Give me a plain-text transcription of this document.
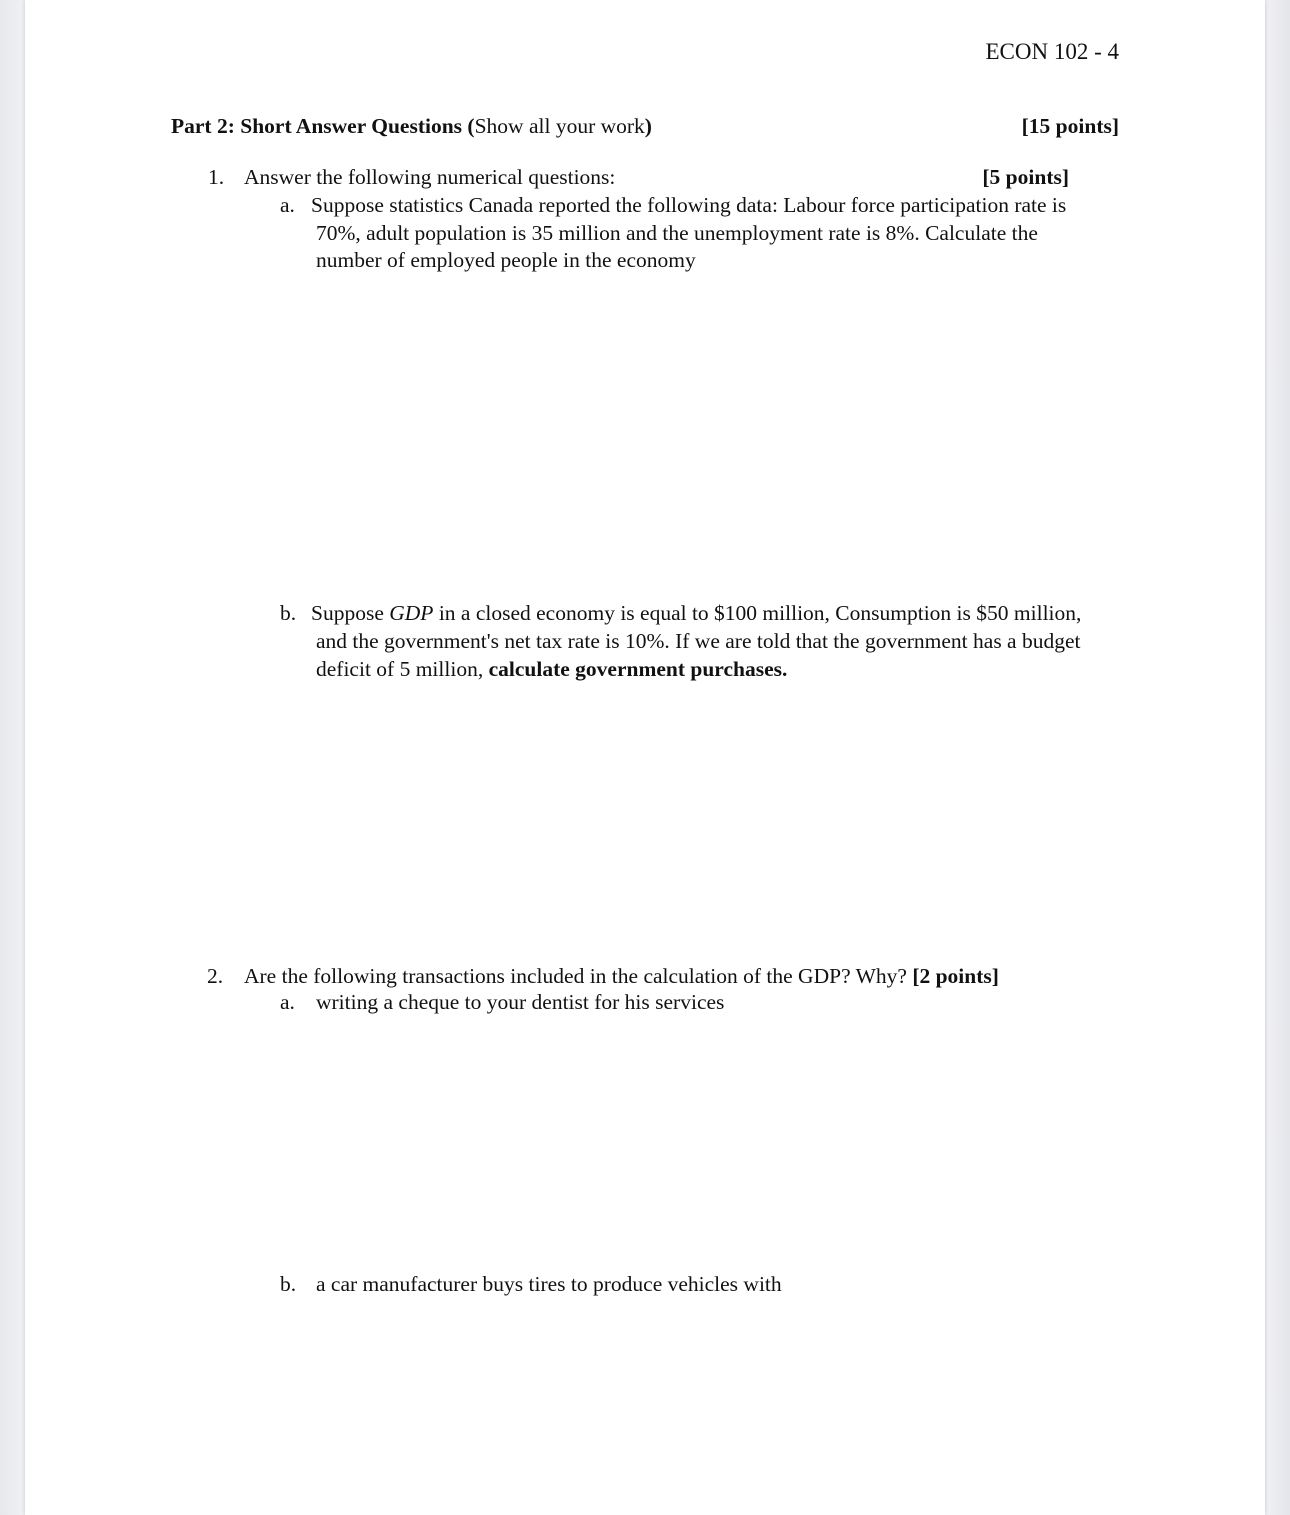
ECON 102 - 4
Part 2: Short Answer Questions (Show all your work)	[15 points]
1. Answer the following numerical questions:	[5 points]
a. Suppose statistics Canada reported the following data: Labour force participation rate is
70%, adult population is 35 million and the unemployment rate is 8%. Calculate the
number of employed people in the economy
b. Suppose GDP in a closed economy is equal to $100 million, Consumption is $50 million,
and the government's net tax rate is 10%. If we are told that the government has a budget
deficit of 5 million, calculate government purchases.
2. Are the following transactions included in the calculation of the GDP? Why? [2 points]
a. writing a cheque to your dentist for his services
b. a car manufacturer buys tires to produce vehicles with
